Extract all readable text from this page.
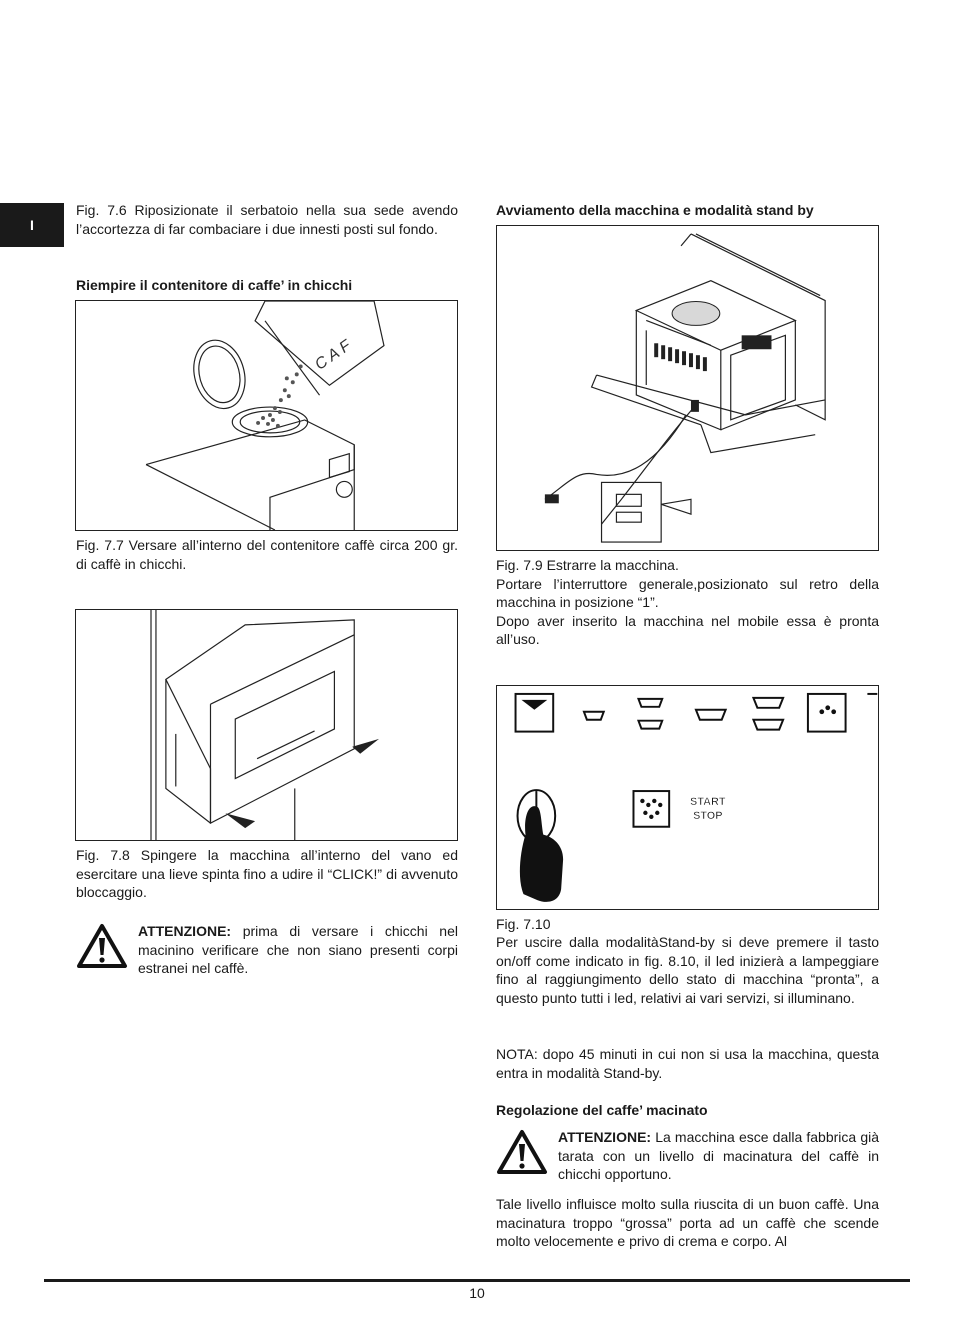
I

Fig. 7.6 Riposizionate il serbatoio nella sua sede avendo l’accortezza di far combaciare i due innesti posti sul fondo.

Riempire il contenitore di caffe’ in chicchi
C A F

Fig. 7.7 Versare all’interno del contenitore caffè circa 200 gr. di caffè in chicchi.

Fig. 7.8 Spingere la macchina all’interno del vano ed esercitare una lieve spinta fino a udire il “CLICK!” di avvenuto bloccaggio.

ATTENZIONE: prima di versare i chicchi nel macinino verificare che non siano presenti corpi estranei nel caffè.

Avviamento della macchina e modalità stand by

Fig. 7.9 Estrarre la macchina.
Portare l’interruttore generale,posizionato sul retro della macchina in posizione “1”.
Dopo aver inserito la macchina nel mobile essa è pronta all’uso.

START
STOP

Fig. 7.10

Per uscire dalla modalitàStand-by si deve premere il tasto on/off come indicato in fig. 8.10, il led inizierà a lampeggiare fino al raggiungimento dello stato di macchina “pronta”, a questo punto tutti i led, relativi ai vari servizi, si illuminano.

NOTA: dopo 45 minuti in cui non si usa la macchina, questa entra in modalità Stand-by.

Regolazione del caffe’ macinato

ATTENZIONE: La macchina esce dalla fabbrica già tarata con un livello di macinatura del caffè in chicchi opportuno.

Tale livello influisce molto sulla riuscita di un buon caffè. Una macinatura troppo “grossa” porta ad un caffè che scende molto velocemente e privo di crema e corpo. Al

10
